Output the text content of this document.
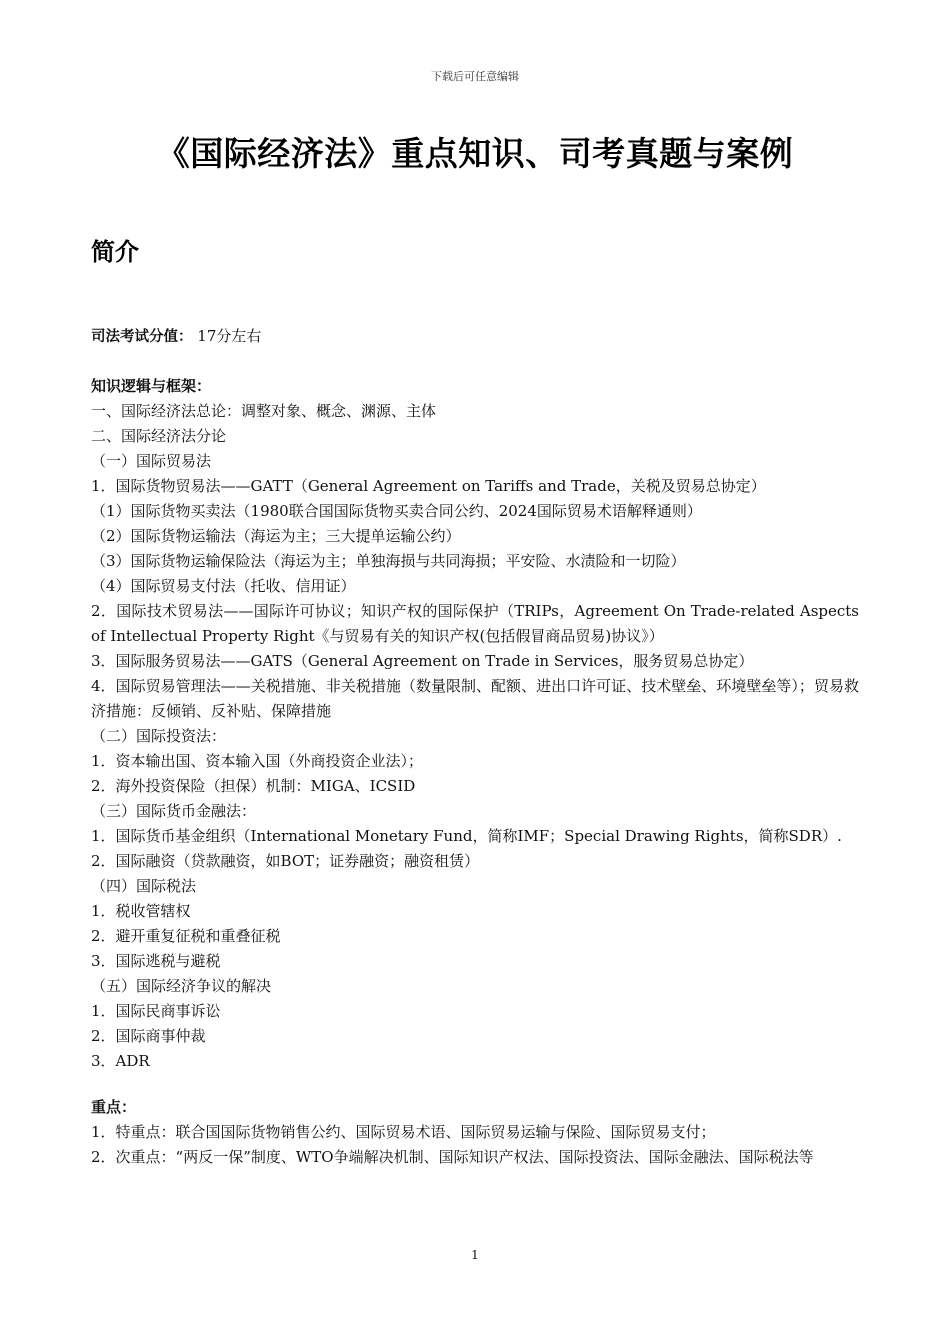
下载后可任意编辑
《国际经济法》重点知识、司考真题与案例
简介
司法考试分值： 17分左右
知识逻辑与框架：
一、国际经济法总论：调整对象、概念、渊源、主体
二、国际经济法分论
（一）国际贸易法
1．国际货物贸易法——GATT（General Agreement on Tariffs and Trade，关税及贸易总协定）
（1）国际货物买卖法（1980联合国国际货物买卖合同公约、2024国际贸易术语解释通则）
（2）国际货物运输法（海运为主；三大提单运输公约）
（3）国际货物运输保险法（海运为主；单独海损与共同海损；平安险、水渍险和一切险）
（4）国际贸易支付法（托收、信用证）
2．国际技术贸易法——国际许可协议；知识产权的国际保护（TRIPs，Agreement On Trade-related Aspects of Intellectual Property Right《与贸易有关的知识产权(包括假冒商品贸易)协议》）
3．国际服务贸易法——GATS（General Agreement on Trade in Services，服务贸易总协定）
4．国际贸易管理法——关税措施、非关税措施（数量限制、配额、进出口许可证、技术壁垒、环境壁垒等）；贸易救济措施：反倾销、反补贴、保障措施
（二）国际投资法：
1．资本输出国、资本输入国（外商投资企业法）；
2．海外投资保险（担保）机制：MIGA、ICSID
（三）国际货币金融法：
1．国际货币基金组织（International Monetary Fund，简称IMF；Special Drawing Rights，简称SDR）.
2．国际融资（贷款融资，如BOT；证券融资；融资租赁）
（四）国际税法
1．税收管辖权
2．避开重复征税和重叠征税
3．国际逃税与避税
（五）国际经济争议的解决
1．国际民商事诉讼
2．国际商事仲裁
3．ADR
重点：
1．特重点：联合国国际货物销售公约、国际贸易术语、国际贸易运输与保险、国际贸易支付；
2．次重点：“两反一保”制度、WTO争端解决机制、国际知识产权法、国际投资法、国际金融法、国际税法等
1
